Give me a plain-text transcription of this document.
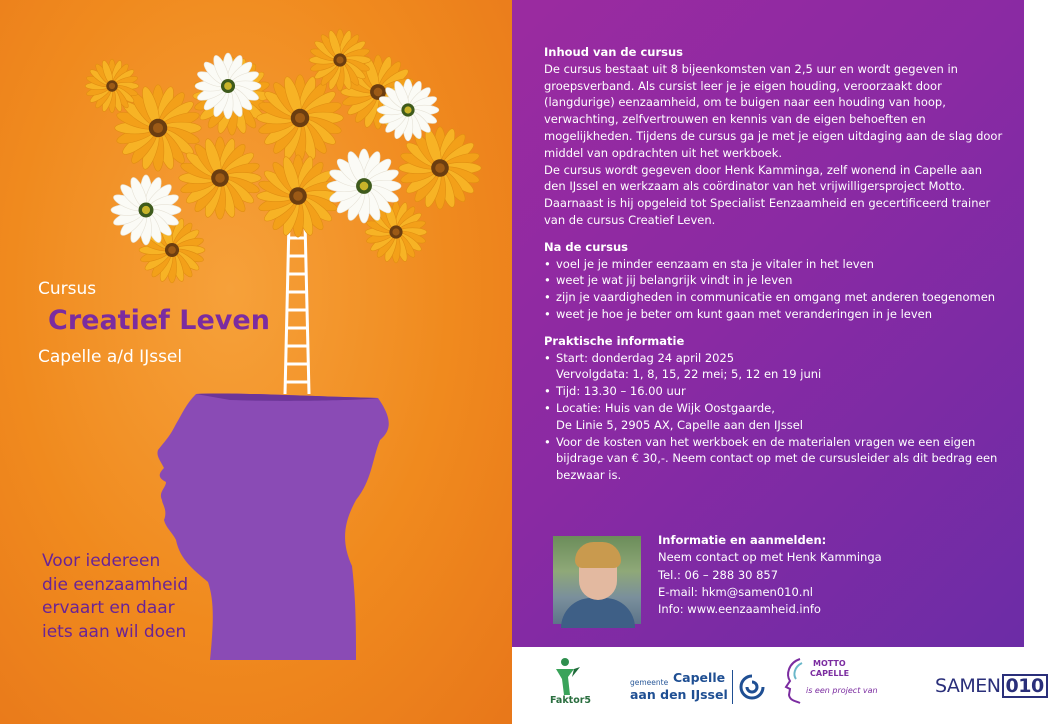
Cursus
Creatief Leven
Capelle a/d IJssel
Voor iedereen
die eenzaamheid
ervaart en daar
iets aan wil doen
Inhoud van de cursus

De cursus bestaat uit 8 bijeenkomsten van 2,5 uur en wordt gegeven in groepsverband. Als cursist leer je je eigen houding, veroorzaakt door (langdurige) eenzaamheid, om te buigen naar een houding van hoop, verwachting, zelfvertrouwen en kennis van de eigen behoeften en mogelijkheden. Tijdens de cursus ga je met je eigen uitdaging aan de slag door middel van opdrachten uit het werkboek.

De cursus wordt gegeven door Henk Kamminga, zelf wonend in Capelle aan den IJssel en werkzaam als coördinator van het vrijwilligersproject Motto. Daarnaast is hij opgeleid tot Specialist Eenzaamheid en gecertificeerd trainer van de cursus Creatief Leven.

Na de cursus
• voel je je minder eenzaam en sta je vitaler in het leven
• weet je wat jij belangrijk vindt in je leven
• zijn je vaardigheden in communicatie en omgang met anderen toegenomen
• weet je hoe je beter om kunt gaan met veranderingen in je leven
Praktische informatie
• Start: donderdag 24 april 2025
Vervolgdata: 1, 8, 15, 22 mei; 5, 12 en 19 juni
• Tijd: 13.30 – 16.00 uur
• Locatie: Huis van de Wijk Oostgaarde,
De Linie 5, 2905 AX, Capelle aan den IJssel
• Voor de kosten van het werkboek en de materialen vragen we een eigen bijdrage van € 30,-. Neem contact op met de cursusleider als dit bedrag een bezwaar is.
Informatie en aanmelden:
Neem contact op met Henk Kamminga
Tel.: 06 – 288 30 857
E-mail: hkm@samen010.nl
Info: www.eenzaamheid.info
Faktor5
gemeente Capelle
aan den IJssel
MOTTO
CAPELLE
is een project van	SAMEN 010
